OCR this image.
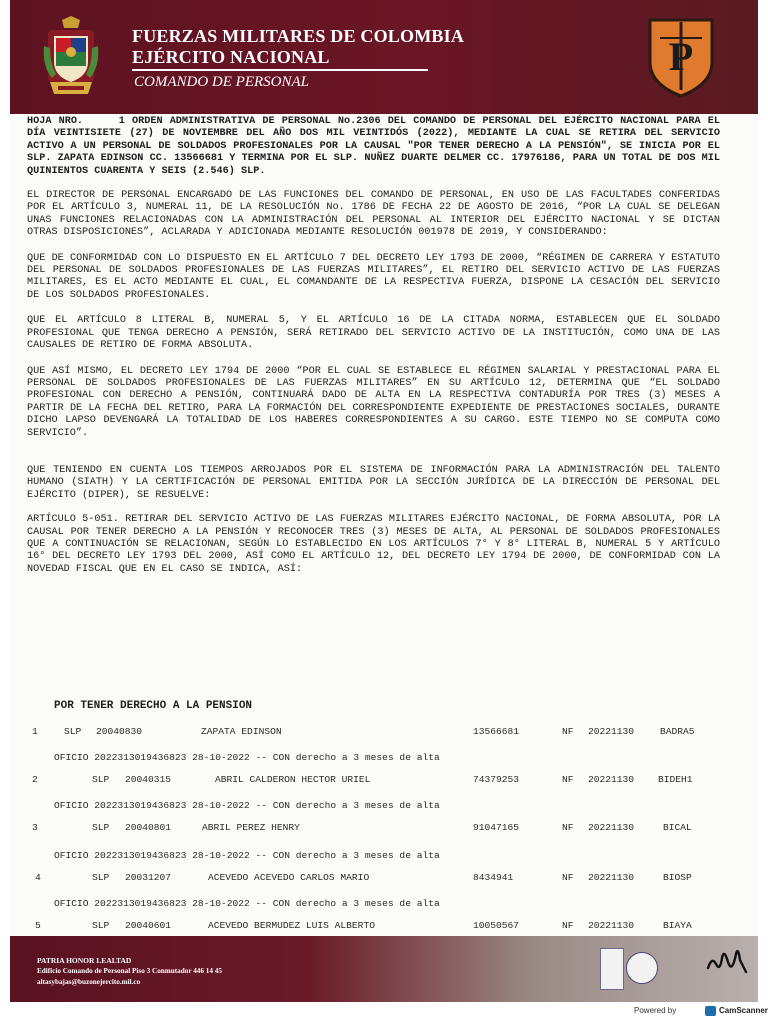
FUERZAS MILITARES DE COLOMBIA
EJÉRCITO NACIONAL
COMANDO DE PERSONAL
P

HOJA NRO.     1 ORDEN ADMINISTRATIVA DE PERSONAL No.2306 DEL COMANDO DE PERSONAL DEL EJÉRCITO NACIONAL PARA EL DÍA VEINTISIETE (27) DE NOVIEMBRE DEL AÑO DOS MIL VEINTIDÓS (2022), MEDIANTE LA CUAL SE RETIRA DEL SERVICIO ACTIVO A UN PERSONAL DE SOLDADOS PROFESIONALES POR LA CAUSAL "POR TENER DERECHO A LA PENSIÓN", SE INICIA POR EL SLP. ZAPATA EDINSON CC. 13566681 Y TERMINA POR EL SLP. NUÑEZ DUARTE DELMER CC. 17976186, PARA UN TOTAL DE DOS MIL QUINIENTOS CUARENTA Y SEIS (2.546) SLP.

EL DIRECTOR DE PERSONAL ENCARGADO DE LAS FUNCIONES DEL COMANDO DE PERSONAL, EN USO DE LAS FACULTADES CONFERIDAS POR EL ARTÍCULO 3, NUMERAL 11, DE LA RESOLUCIÓN No. 1786 DE FECHA 22 DE AGOSTO DE 2016, “POR LA CUAL SE DELEGAN UNAS FUNCIONES RELACIONADAS CON LA ADMINISTRACIÓN DEL PERSONAL AL INTERIOR DEL EJÉRCITO NACIONAL Y SE DICTAN OTRAS DISPOSICIONES”, ACLARADA Y ADICIONADA MEDIANTE RESOLUCIÓN 001978 DE 2019, Y CONSIDERANDO:

QUE DE CONFORMIDAD CON LO DISPUESTO EN EL ARTÍCULO 7 DEL DECRETO LEY 1793 DE 2000, “RÉGIMEN DE CARRERA Y ESTATUTO DEL PERSONAL DE SOLDADOS PROFESIONALES DE LAS FUERZAS MILITARES”, EL RETIRO DEL SERVICIO ACTIVO DE LAS FUERZAS MILITARES, ES EL ACTO MEDIANTE EL CUAL, EL COMANDANTE DE LA RESPECTIVA FUERZA, DISPONE LA CESACIÓN DEL SERVICIO DE LOS SOLDADOS PROFESIONALES.

QUE EL ARTÍCULO 8 LITERAL B, NUMERAL 5, Y EL ARTÍCULO 16 DE LA CITADA NORMA, ESTABLECEN QUE EL SOLDADO PROFESIONAL QUE TENGA DERECHO A PENSIÓN, SERÁ RETIRADO DEL SERVICIO ACTIVO DE LA INSTITUCIÓN, COMO UNA DE LAS CAUSALES DE RETIRO DE FORMA ABSOLUTA.

QUE ASÍ MISMO, EL DECRETO LEY 1794 DE 2000 “POR EL CUAL SE ESTABLECE EL RÉGIMEN SALARIAL Y PRESTACIONAL PARA EL PERSONAL DE SOLDADOS PROFESIONALES DE LAS FUERZAS MILITARES” EN SU ARTÍCULO 12, DETERMINA QUE “EL SOLDADO PROFESIONAL CON DERECHO A PENSIÓN, CONTINUARÁ DADO DE ALTA EN LA RESPECTIVA CONTADURÍA POR TRES (3) MESES A PARTIR DE LA FECHA DEL RETIRO, PARA LA FORMACIÓN DEL CORRESPONDIENTE EXPEDIENTE DE PRESTACIONES SOCIALES, DURANTE DICHO LAPSO DEVENGARÁ LA TOTALIDAD DE LOS HABERES CORRESPONDIENTES A SU CARGO. ESTE TIEMPO NO SE COMPUTA COMO SERVICIO”.

QUE TENIENDO EN CUENTA LOS TIEMPOS ARROJADOS POR EL SISTEMA DE INFORMACIÓN PARA LA ADMINISTRACIÓN DEL TALENTO HUMANO (SIATH) Y LA CERTIFICACIÓN DE PERSONAL EMITIDA POR LA SECCIÓN JURÍDICA DE LA DIRECCIÓN DE PERSONAL DEL EJÉRCITO (DIPER), SE RESUELVE:

ARTÍCULO 5-051. RETIRAR DEL SERVICIO ACTIVO DE LAS FUERZAS MILITARES EJÉRCITO NACIONAL, DE FORMA ABSOLUTA, POR LA CAUSAL POR TENER DERECHO A LA PENSIÓN Y RECONOCER TRES (3) MESES DE ALTA, AL PERSONAL DE SOLDADOS PROFESIONALES QUE A CONTINUACIÓN SE RELACIONAN, SEGÚN LO ESTABLECIDO EN LOS ARTÍCULOS 7° Y 8° LITERAL B, NUMERAL 5 Y ARTÍCULO 16° DEL DECRETO LEY 1793 DEL 2000, ASÍ COMO EL ARTÍCULO 12, DEL DECRETO LEY 1794 DE 2000, DE CONFORMIDAD CON LA NOVEDAD FISCAL QUE EN EL CASO SE INDICA, ASÍ:

POR TENER DERECHO A LA PENSION
1	SLP 20040830	ZAPATA EDINSON	13566681	NF 20221130	BADRA5
OFICIO 2022313019436823 28-10-2022 -- CON derecho a 3 meses de alta
2	SLP 20040315	ABRIL CALDERON HECTOR URIEL	74379253	NF 20221130 BIDEH1
OFICIO 2022313019436823 28-10-2022 -- CON derecho a 3 meses de alta
3	SLP 20040801	ABRIL PEREZ HENRY	91047165	NF 20221130	BICAL
OFICIO 2022313019436823 28-10-2022 -- CON derecho a 3 meses de alta
4	SLP 20031207	ACEVEDO ACEVEDO CARLOS MARIO	8434941	NF 20221130	BIOSP
OFICIO 2022313019436823 28-10-2022 -- CON derecho a 3 meses de alta
5	SLP 20040601	ACEVEDO BERMUDEZ LUIS ALBERTO	10050567	NF 20221130	BIAYA
PATRIA HONOR LEALTAD
Edificio Comando de Personal Piso 3 Conmutador 446 14 45
altasybajas@buzonejercito.mil.co
Powered by	CamScanner
